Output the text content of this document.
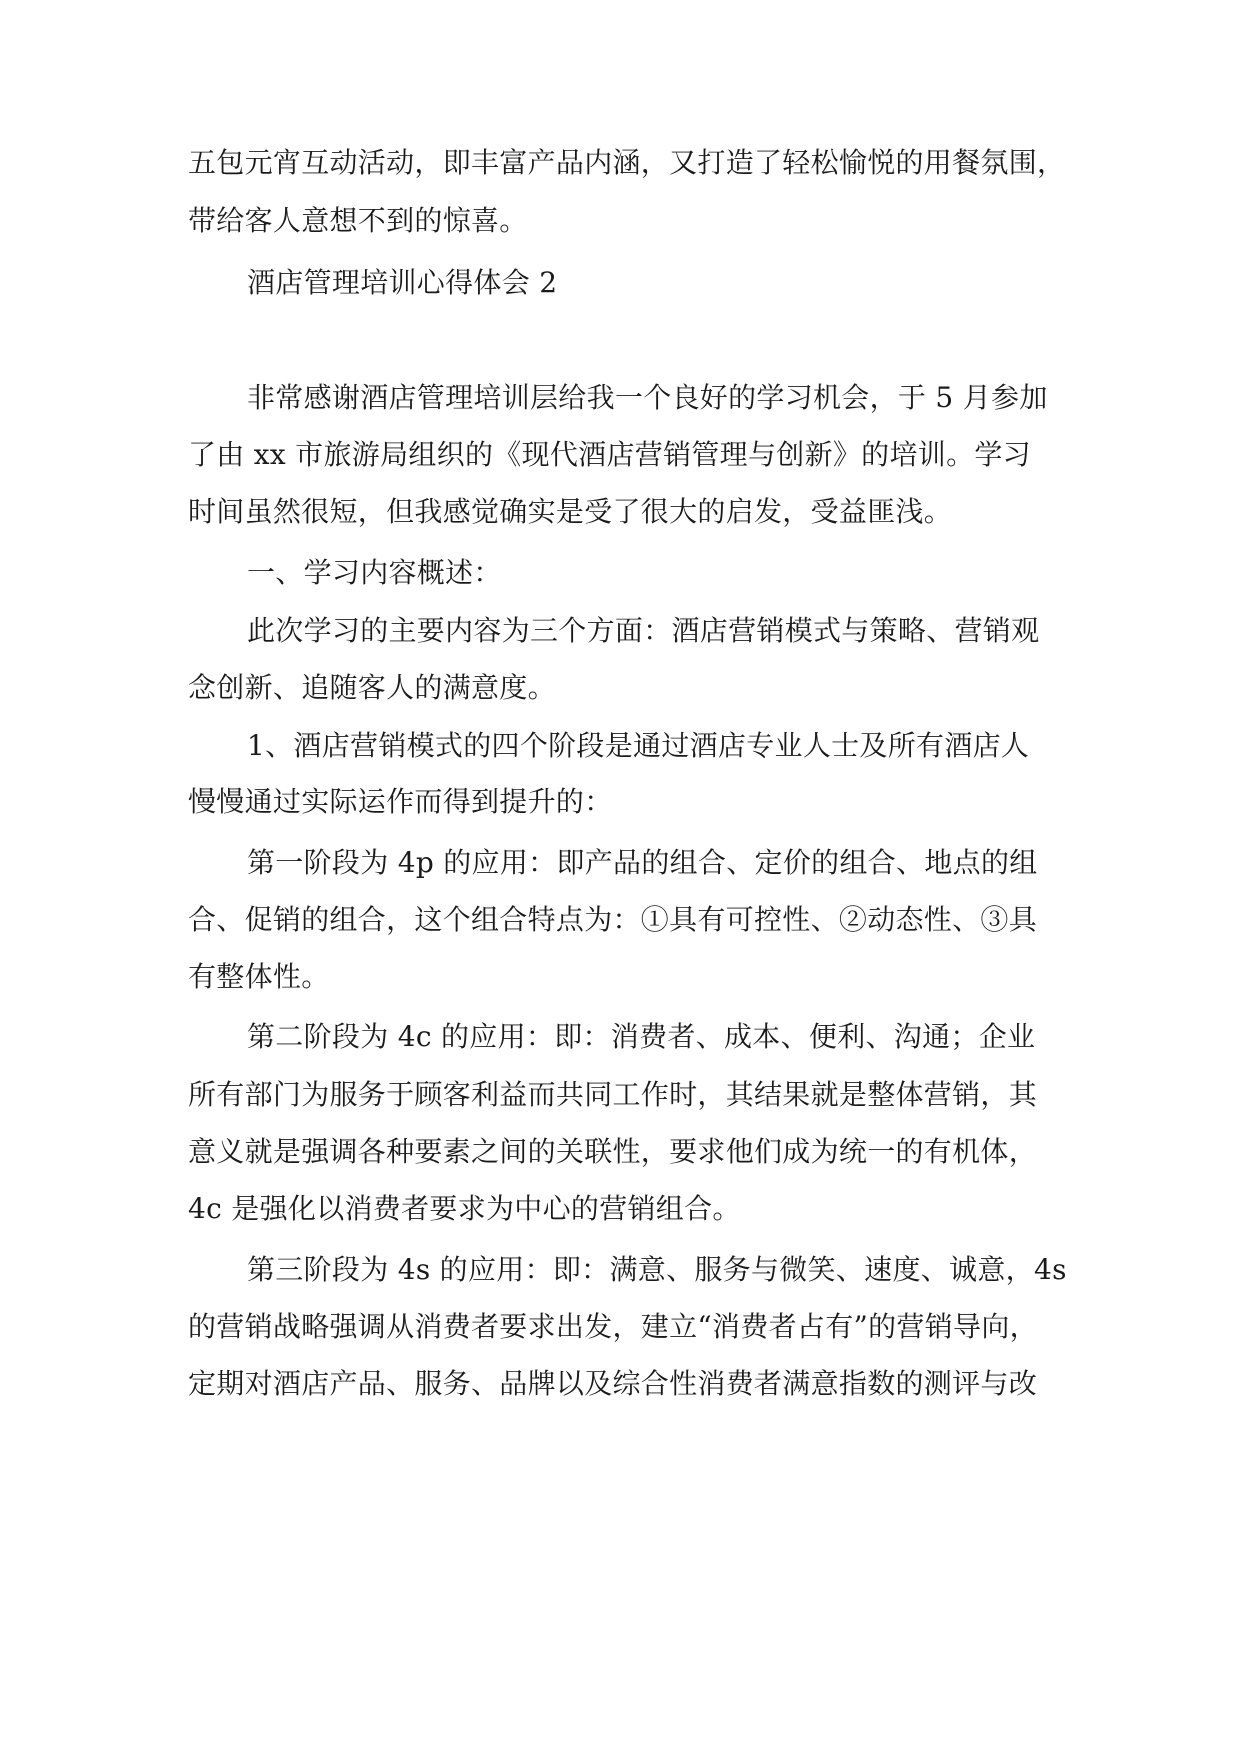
五包元宵互动活动，即丰富产品内涵，又打造了轻松愉悦的用餐氛围，
带给客人意想不到的惊喜。
酒店管理培训心得体会 2
非常感谢酒店管理培训层给我一个良好的学习机会，于 5 月参加
了由 xx 市旅游局组织的《现代酒店营销管理与创新》的培训。学习
时间虽然很短，但我感觉确实是受了很大的启发，受益匪浅。
一、学习内容概述：
此次学习的主要内容为三个方面：酒店营销模式与策略、营销观
念创新、追随客人的满意度。
1、酒店营销模式的四个阶段是通过酒店专业人士及所有酒店人
慢慢通过实际运作而得到提升的：
第一阶段为 4p 的应用：即产品的组合、定价的组合、地点的组
合、促销的组合，这个组合特点为：①具有可控性、②动态性、③具
有整体性。
第二阶段为 4c 的应用：即：消费者、成本、便利、沟通；企业
所有部门为服务于顾客利益而共同工作时，其结果就是整体营销，其
意义就是强调各种要素之间的关联性，要求他们成为统一的有机体，
4c 是强化以消费者要求为中心的营销组合。
第三阶段为 4s 的应用：即：满意、服务与微笑、速度、诚意，4s
的营销战略强调从消费者要求出发，建立“消费者占有”的营销导向，
定期对酒店产品、服务、品牌以及综合性消费者满意指数的测评与改
